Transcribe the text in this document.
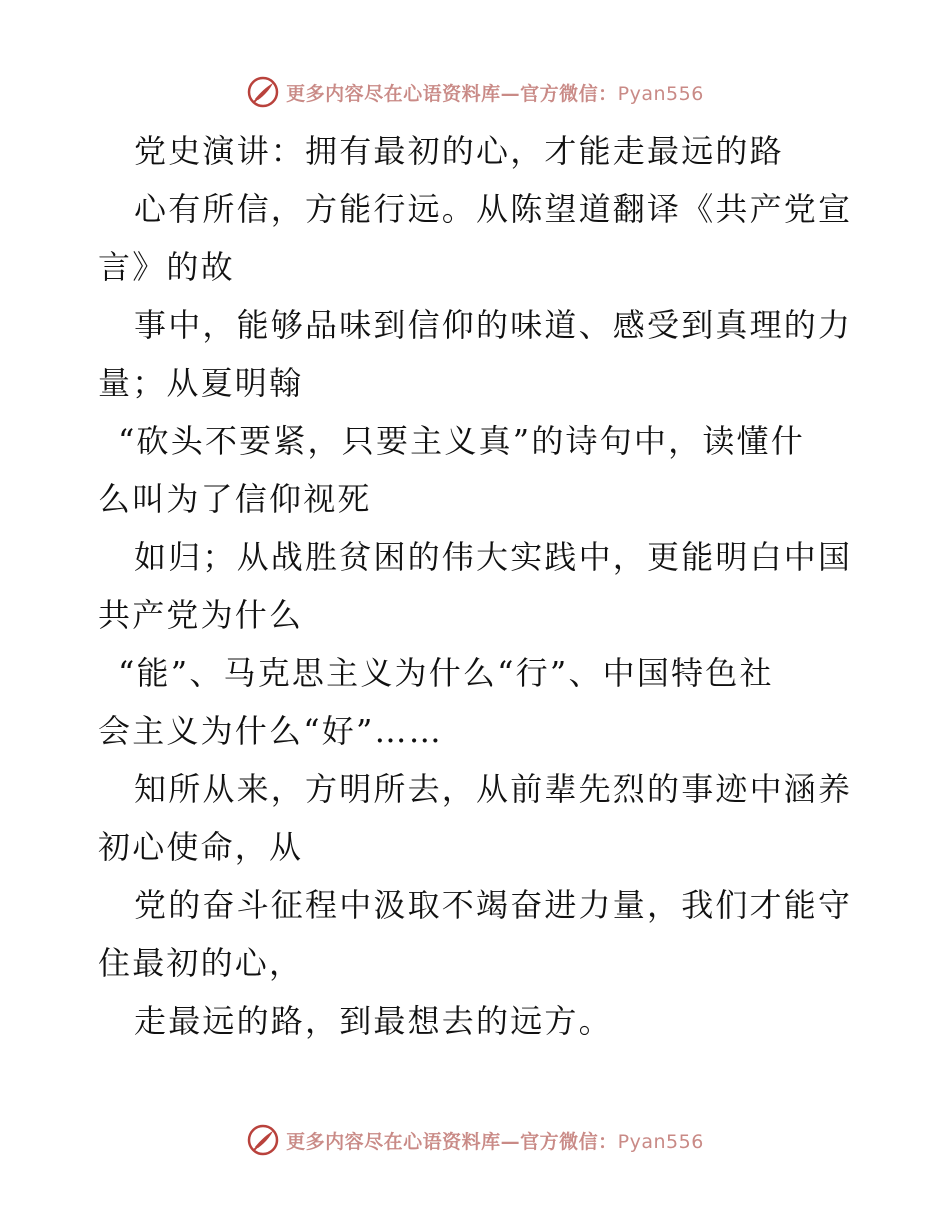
更多内容尽在心语资料库—官方微信：Pyan556
党史演讲：拥有最初的心，才能走最远的路
心有所信，方能行远。从陈望道翻译《共产党宣
言》的故
事中，能够品味到信仰的味道、感受到真理的力
量；从夏明翰
“砍头不要紧，只要主义真”的诗句中，读懂什
么叫为了信仰视死
如归；从战胜贫困的伟大实践中，更能明白中国
共产党为什么
“能”、马克思主义为什么“行”、中国特色社
会主义为什么“好”……
知所从来，方明所去，从前辈先烈的事迹中涵养
初心使命，从
党的奋斗征程中汲取不竭奋进力量，我们才能守
住最初的心，
走最远的路，到最想去的远方。
更多内容尽在心语资料库—官方微信：Pyan556
